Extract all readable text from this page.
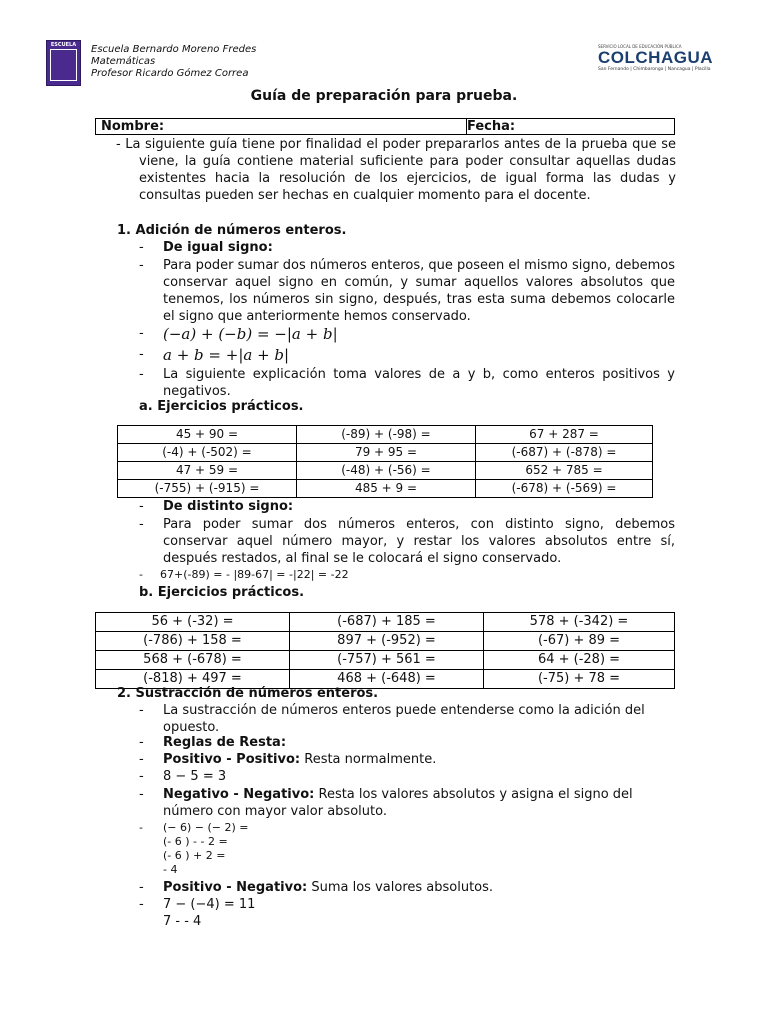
ESCUELA	Escuela Bernardo Moreno Fredes
Matemáticas
Profesor Ricardo Gómez Correa
SERVICIO LOCAL DE EDUCACIÓN PÚBLICA
COLCHAGUA
San Fernando | Chimbarongo | Nancagua | Placilla
Guía de preparación para prueba.
Nombre:	Fecha:
- La siguiente guía tiene por finalidad el poder prepararlos antes de la prueba que se viene, la guía contiene material suficiente para poder consultar aquellas dudas existentes hacia la resolución de los ejercicios, de igual forma las dudas y consultas pueden ser hechas en cualquier momento para el docente.
1. Adición de números enteros.
- De igual signo:
- Para poder sumar dos números enteros, que poseen el mismo signo, debemos conservar aquel signo en común, y sumar aquellos valores absolutos que tenemos, los números sin signo, después, tras esta suma debemos colocarle el signo que anteriormente hemos conservado.
- (−a) + (−b) = −|a + b|
- a + b = +|a + b|
- La siguiente explicación toma valores de a y b, como enteros positivos y negativos.
a. Ejercicios prácticos.
45 + 90 =	(-89) + (-98) =	67 + 287 =
(-4) + (-502) =	79 + 95 =	(-687) + (-878) =
47 + 59 =	(-48) + (-56) =	652 + 785 =
(-755) + (-915) =	485 + 9 =	(-678) + (-569) =
- De distinto signo:
- Para poder sumar dos números enteros, con distinto signo, debemos conservar aquel número mayor, y restar los valores absolutos entre sí, después restados, al final se le colocará el signo conservado.
- 67+(-89) = - |89-67| = -|22| = -22
b. Ejercicios prácticos.
56 + (-32) =	(-687) + 185 =	578 + (-342) =
(-786) + 158 =	897 + (-952) =	(-67) + 89 =
568 + (-678) =	(-757) + 561 =	64 + (-28) =
(-818) + 497 =	468 + (-648) =	(-75) + 78 =
2. Sustracción de números enteros.
- La sustracción de números enteros puede entenderse como la adición del opuesto.
- Reglas de Resta:
- Positivo - Positivo: Resta normalmente.
- 8 − 5 = 3
- Negativo - Negativo: Resta los valores absolutos y asigna el signo del número con mayor valor absoluto.
- (− 6) − (− 2) =
(- 6 ) - - 2 =
(- 6 ) + 2 =
- 4
- Positivo - Negativo: Suma los valores absolutos.
- 7 − (−4) = 11
7 - - 4
